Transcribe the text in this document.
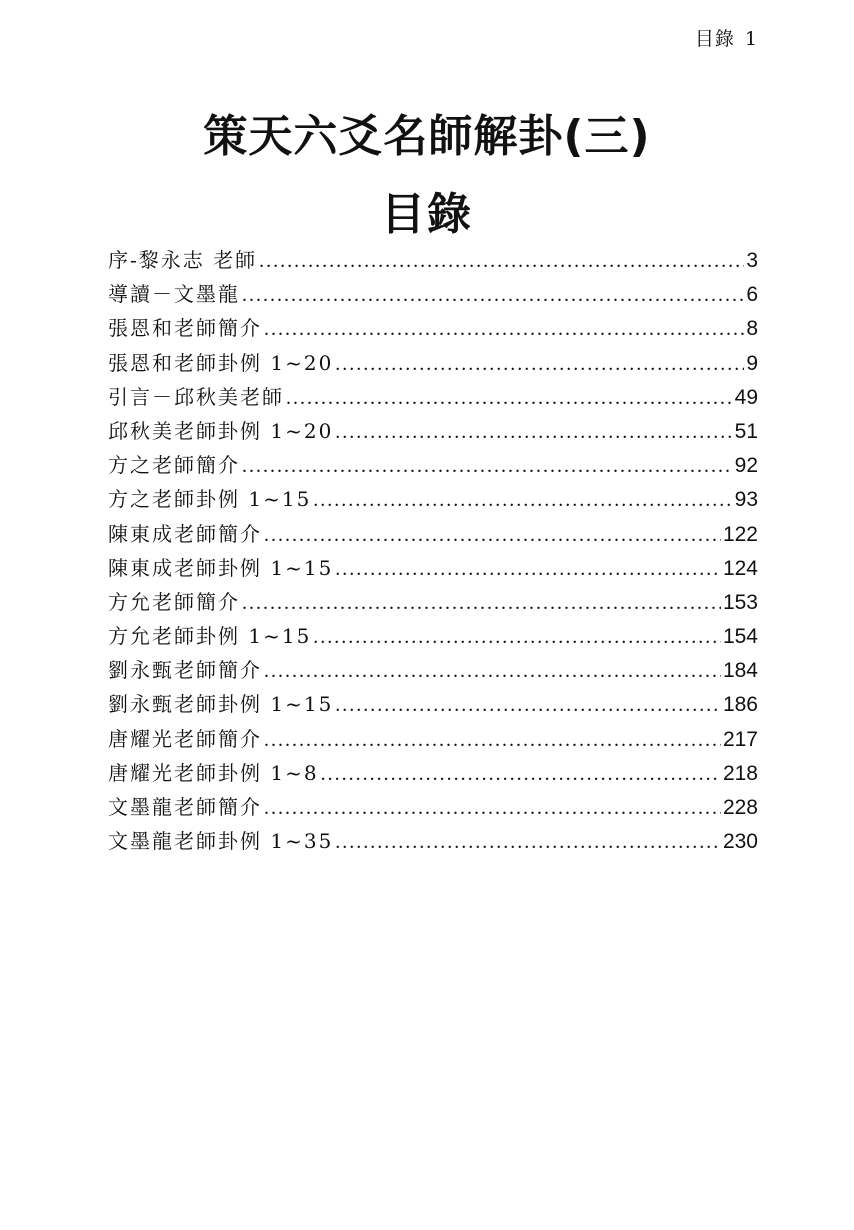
目錄 1
策天六爻名師解卦(三)
目錄
序-黎永志 老師 .....	3
導讀－文墨龍 .....	6
張恩和老師簡介 .....	8
張恩和老師卦例 1~20 .....	9
引言－邱秋美老師 .....	49
邱秋美老師卦例 1~20 .....	51
方之老師簡介 .....	92
方之老師卦例 1~15 .....	93
陳東成老師簡介 .....	122
陳東成老師卦例 1~15 .....	124
方允老師簡介 .....	153
方允老師卦例 1~15 .....	154
劉永甄老師簡介 .....	184
劉永甄老師卦例 1~15 .....	186
唐耀光老師簡介 .....	217
唐耀光老師卦例 1~8 .....	218
文墨龍老師簡介 .....	228
文墨龍老師卦例 1~35 .....	230
